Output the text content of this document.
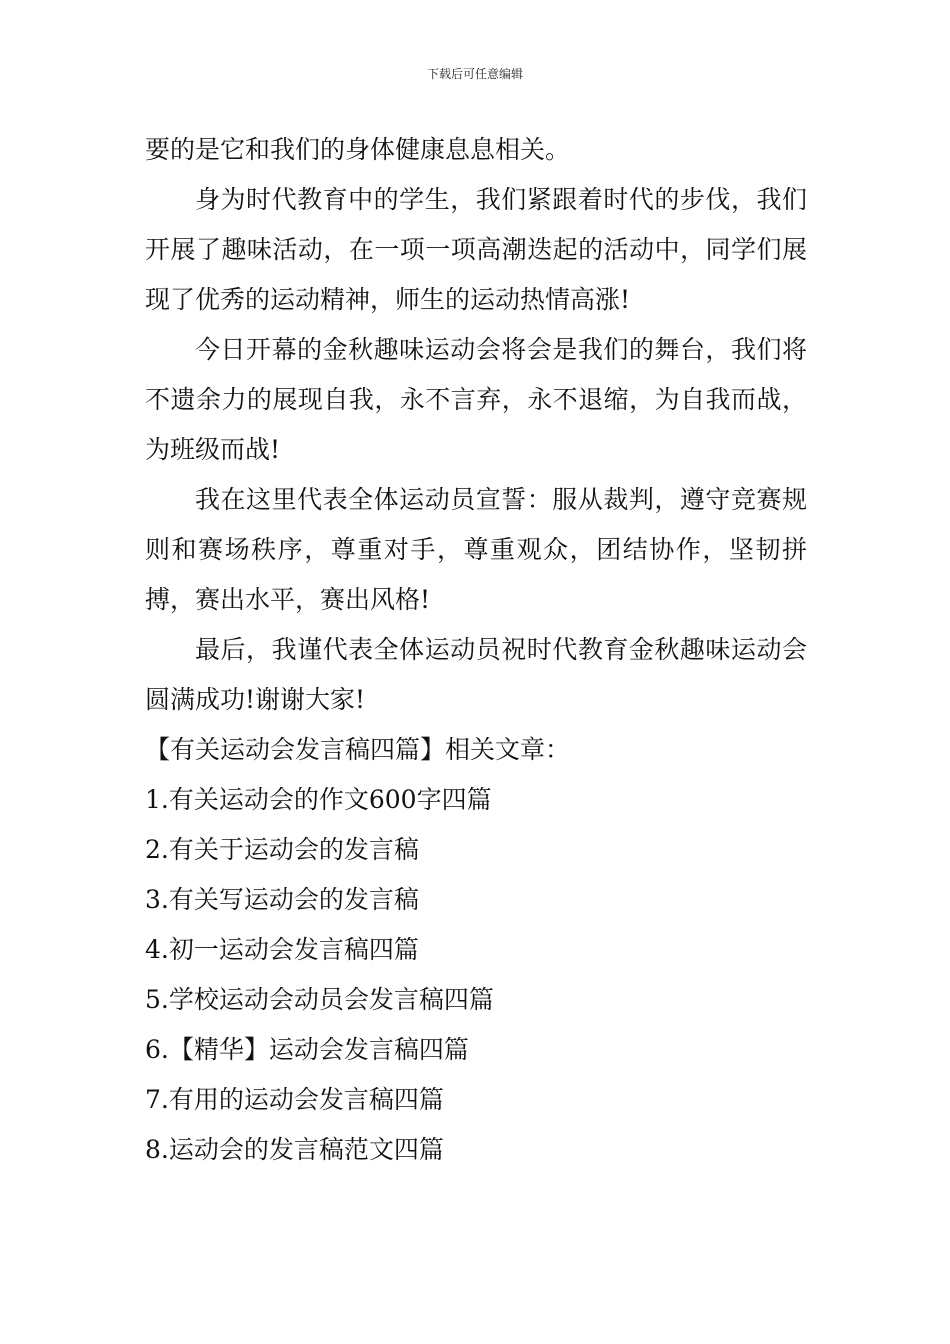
下载后可任意编辑

要的是它和我们的身体健康息息相关。

身为时代教育中的学生，我们紧跟着时代的步伐，我们开展了趣味活动，在一项一项高潮迭起的活动中，同学们展现了优秀的运动精神，师生的运动热情高涨!

今日开幕的金秋趣味运动会将会是我们的舞台，我们将不遗余力的展现自我，永不言弃，永不退缩，为自我而战，为班级而战!

我在这里代表全体运动员宣誓：服从裁判，遵守竞赛规则和赛场秩序，尊重对手，尊重观众，团结协作，坚韧拼搏，赛出水平，赛出风格!

最后，我谨代表全体运动员祝时代教育金秋趣味运动会圆满成功!谢谢大家!

【有关运动会发言稿四篇】相关文章：

1.有关运动会的作文600字四篇

2.有关于运动会的发言稿

3.有关写运动会的发言稿

4.初一运动会发言稿四篇

5.学校运动会动员会发言稿四篇

6.【精华】运动会发言稿四篇

7.有用的运动会发言稿四篇

8.运动会的发言稿范文四篇
